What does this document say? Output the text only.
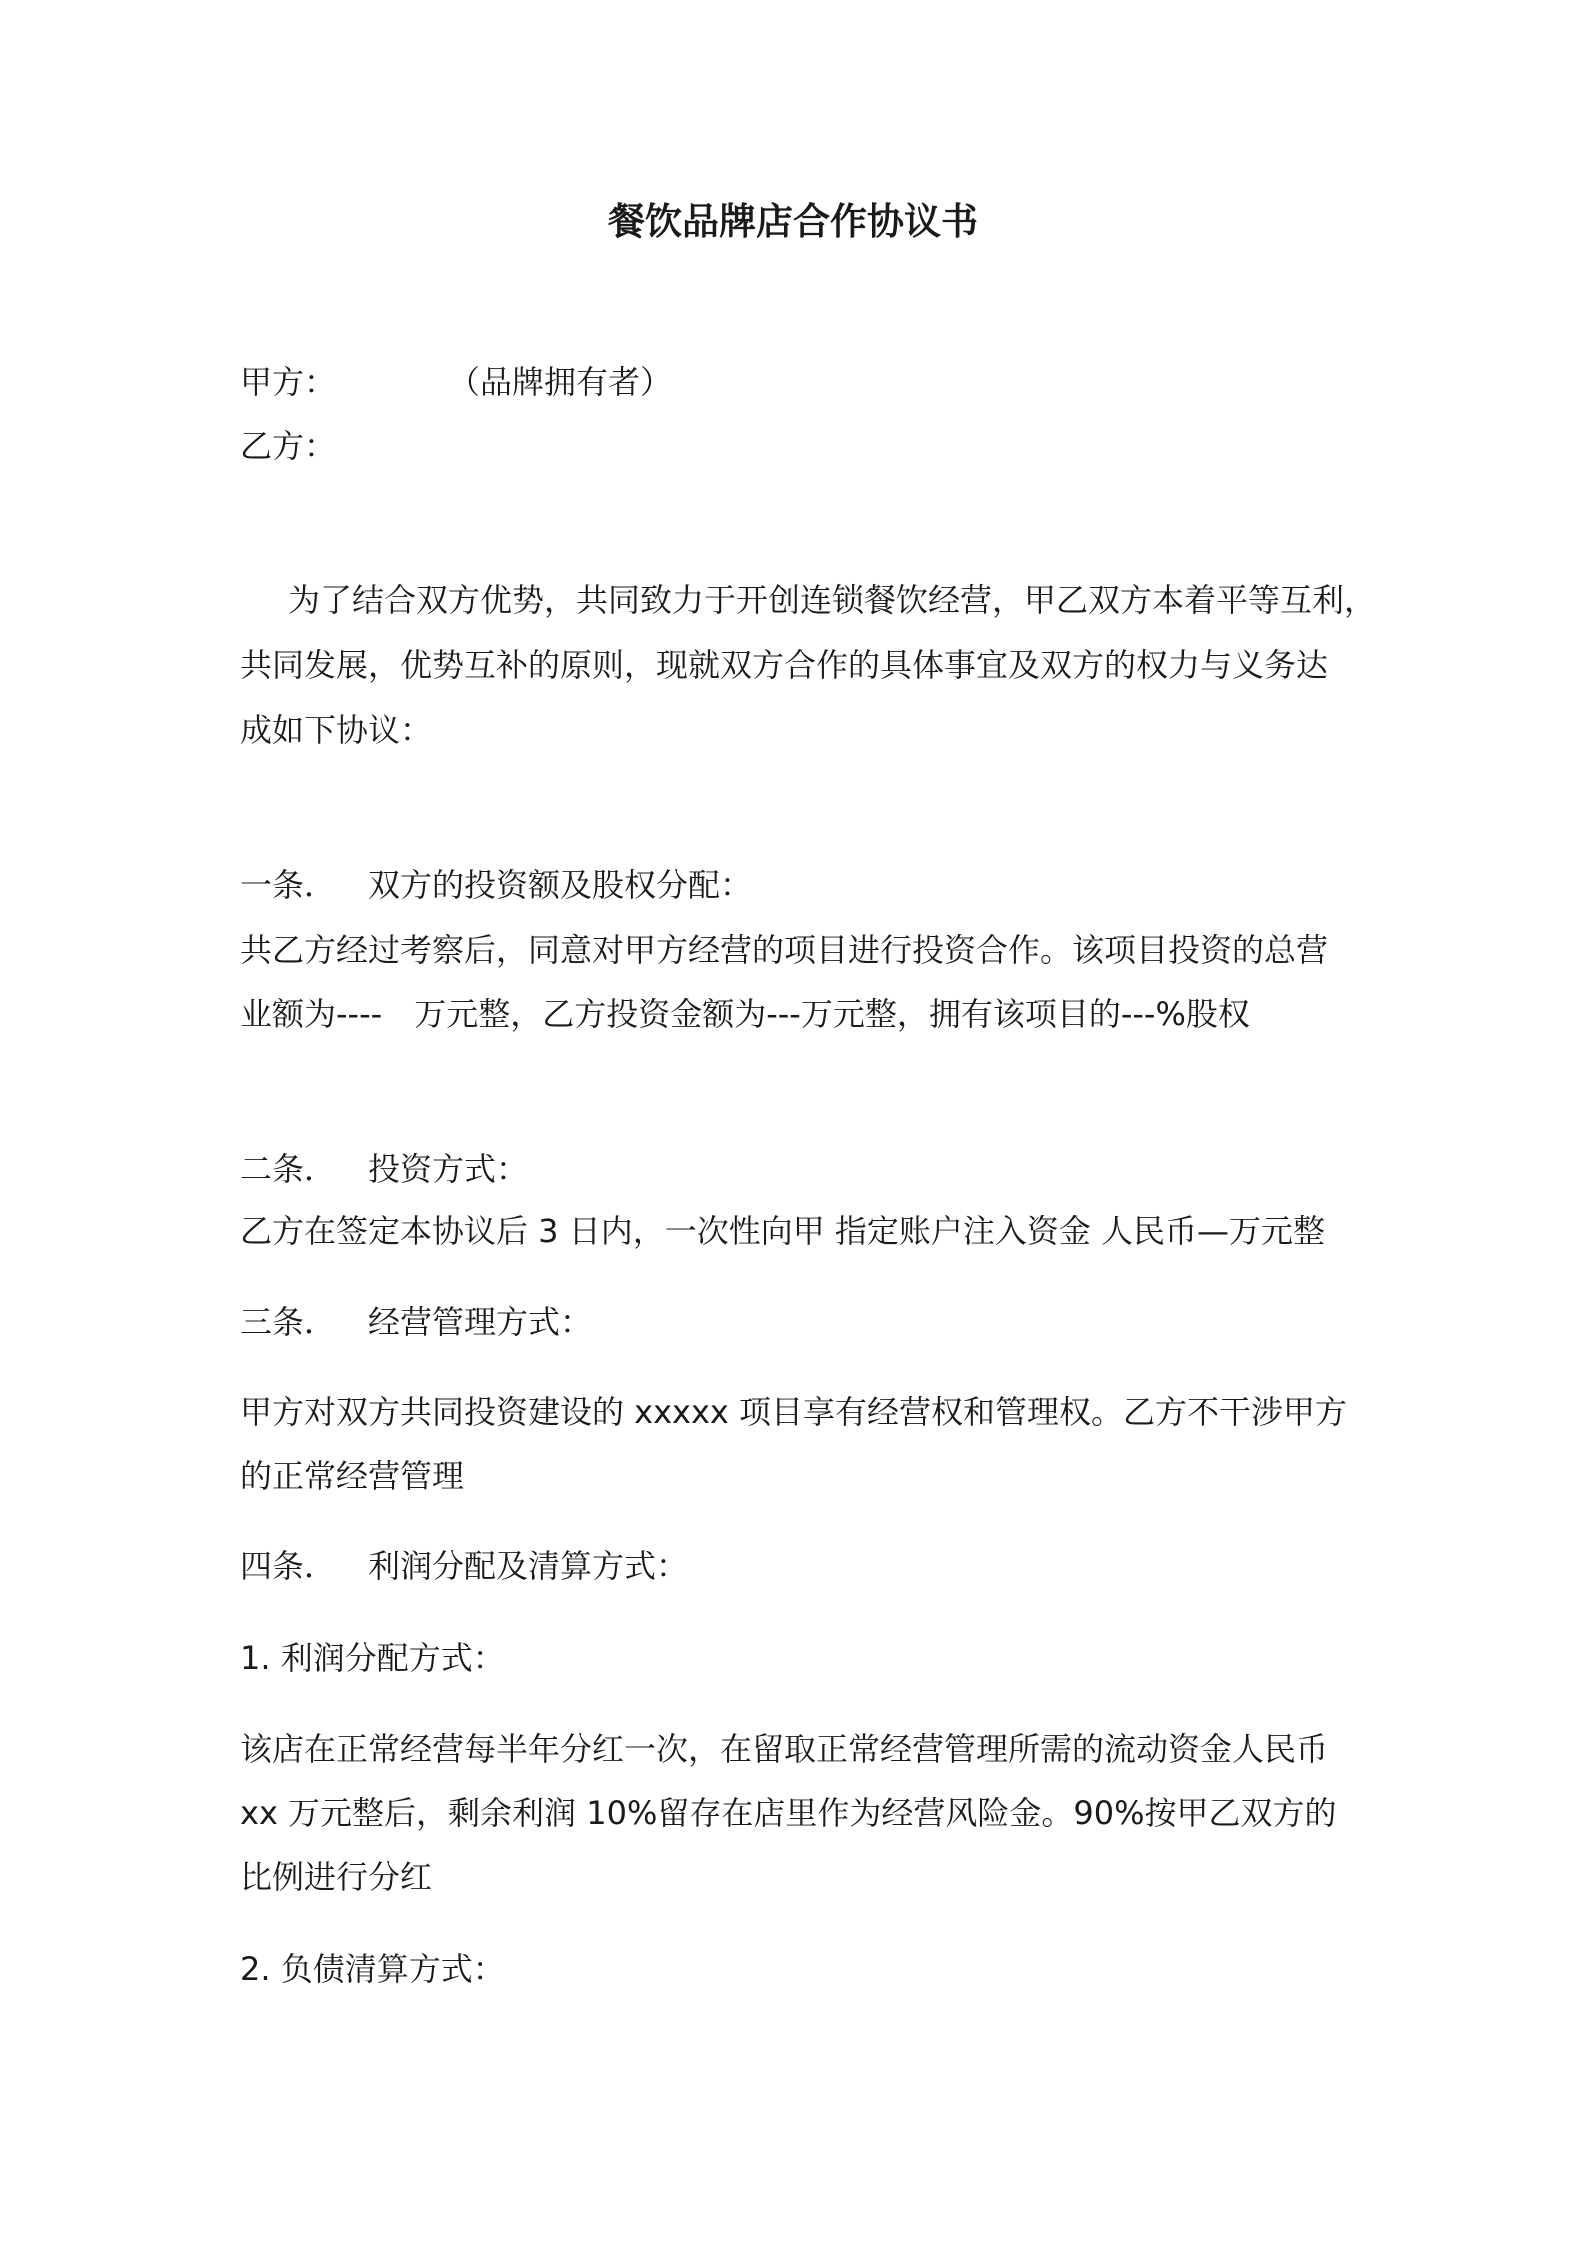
餐饮品牌店合作协议书
甲方：	（品牌拥有者）
乙方：
为了结合双方优势，共同致力于开创连锁餐饮经营，甲乙双方本着平等互利，
共同发展，优势互补的原则，现就双方合作的具体事宜及双方的权力与义务达
成如下协议：
一条． 双方的投资额及股权分配：
共乙方经过考察后，同意对甲方经营的项目进行投资合作。该项目投资的总营
业额为----　万元整，乙方投资金额为---万元整，拥有该项目的---%股权
二条． 投资方式：
乙方在签定本协议后 3 日内，一次性向甲 指定账户注入资金 人民币—万元整
三条． 经营管理方式：
甲方对双方共同投资建设的 xxxxx 项目享有经营权和管理权。乙方不干涉甲方
的正常经营管理
四条． 利润分配及清算方式：
1. 利润分配方式：
该店在正常经营每半年分红一次，在留取正常经营管理所需的流动资金人民币
xx 万元整后，剩余利润 10%留存在店里作为经营风险金。90%按甲乙双方的
比例进行分红
2. 负债清算方式：
